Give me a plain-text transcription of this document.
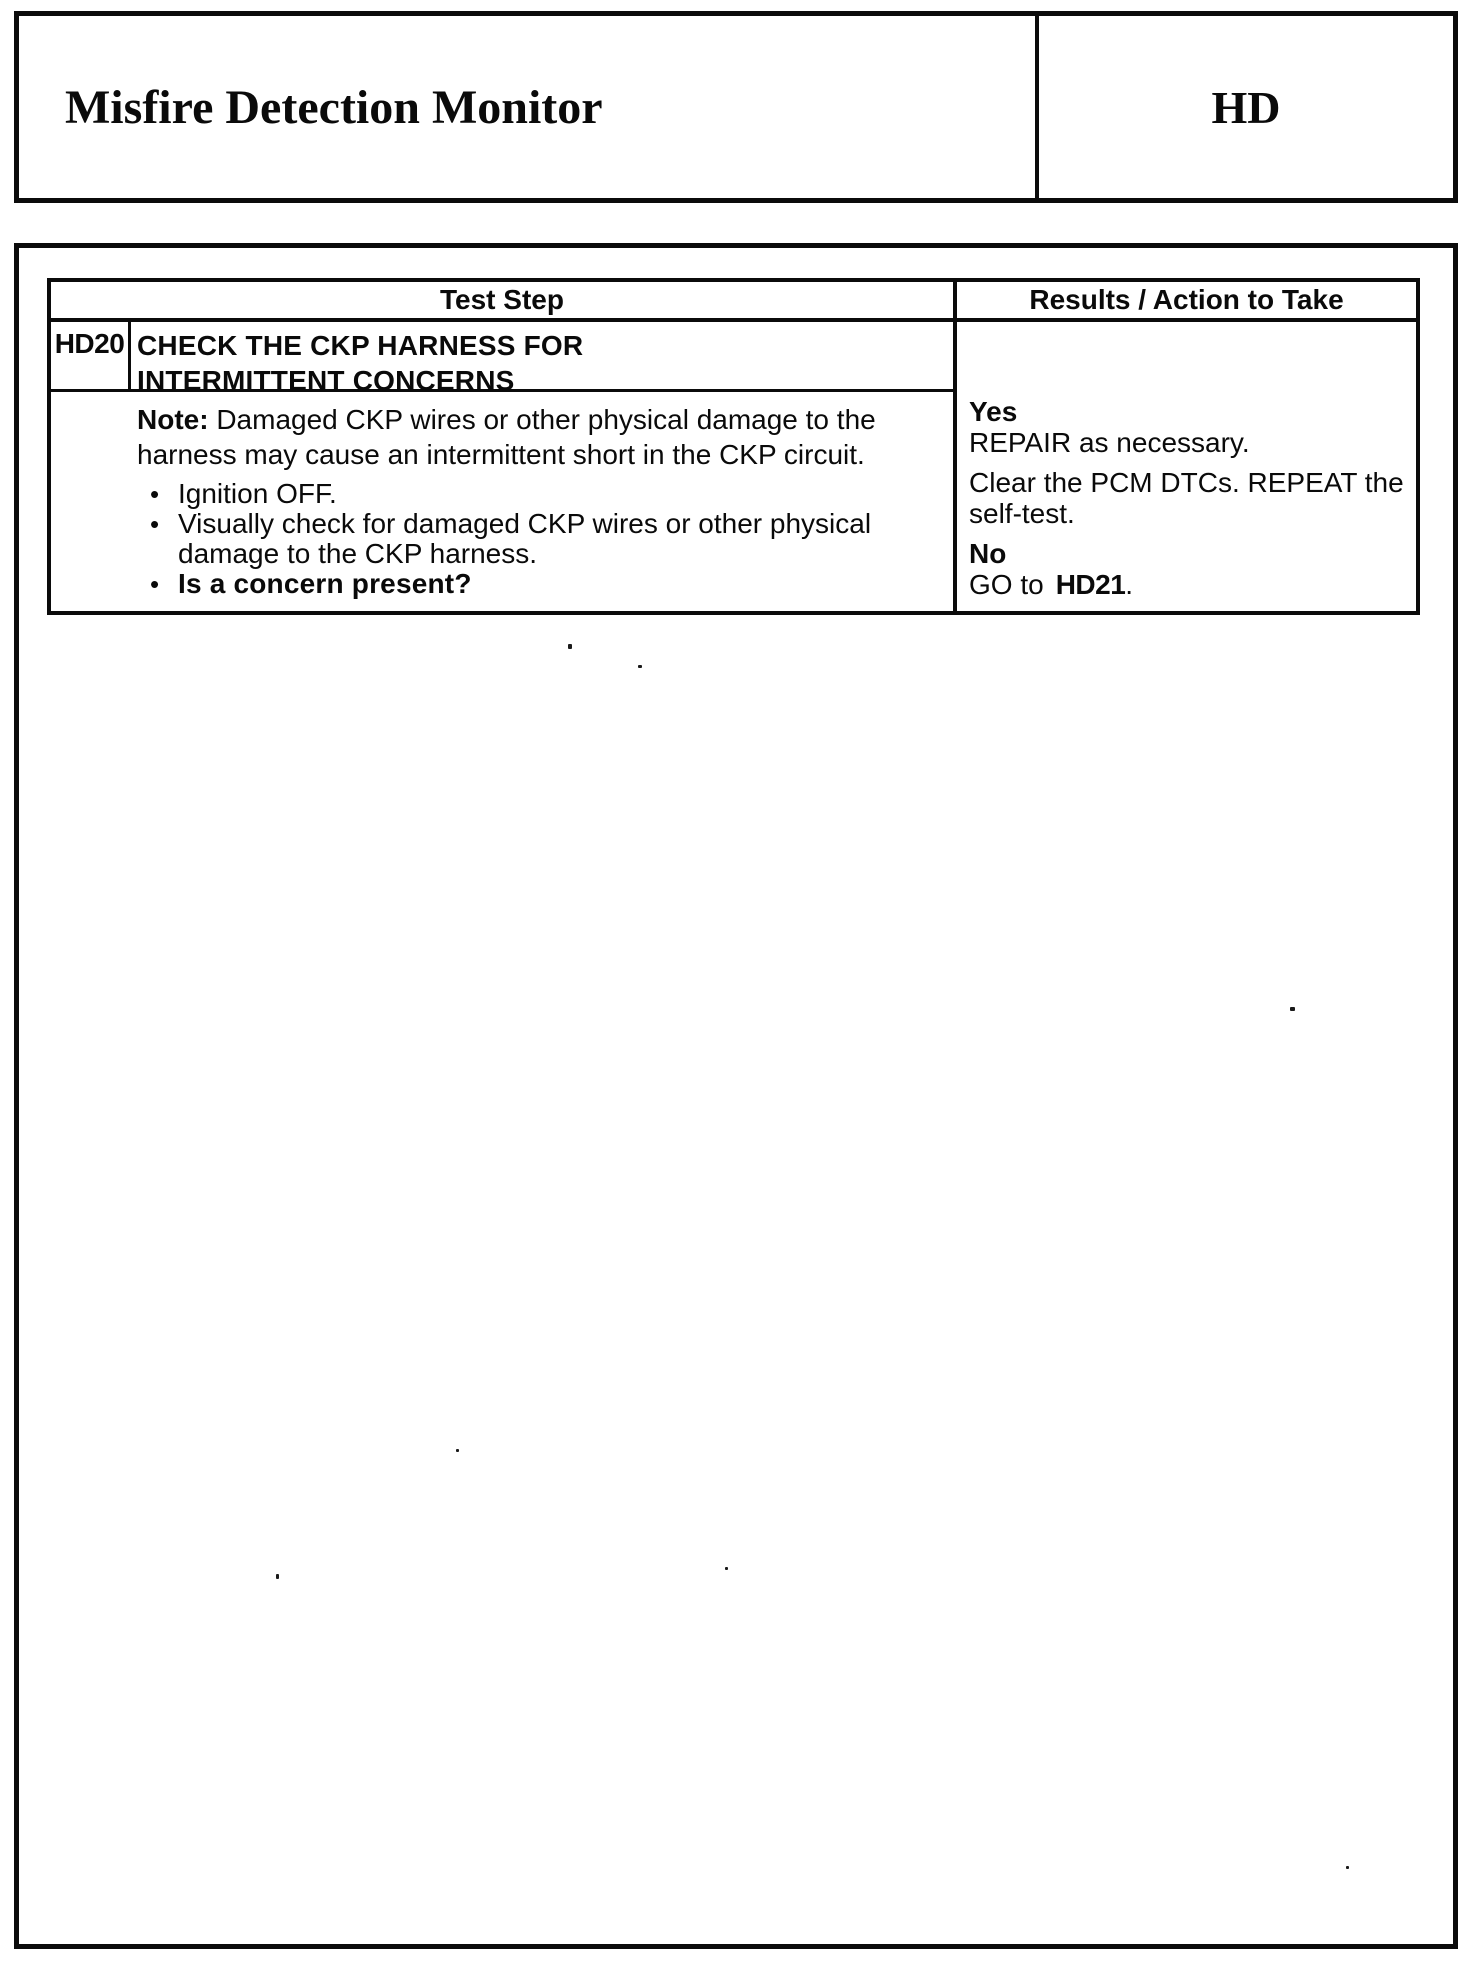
Misfire Detection Monitor	HD
Test Step	Results / Action to Take
HD20 CHECK THE CKP HARNESS FOR INTERMITTENT CONCERNS
Note: Damaged CKP wires or other physical damage to the harness may cause an intermittent short in the CKP circuit.
• Ignition OFF.
• Visually check for damaged CKP wires or other physical damage to the CKP harness.
• Is a concern present?
Yes
REPAIR as necessary.
Clear the PCM DTCs. REPEAT the self-test.
No
GO to HD21.
